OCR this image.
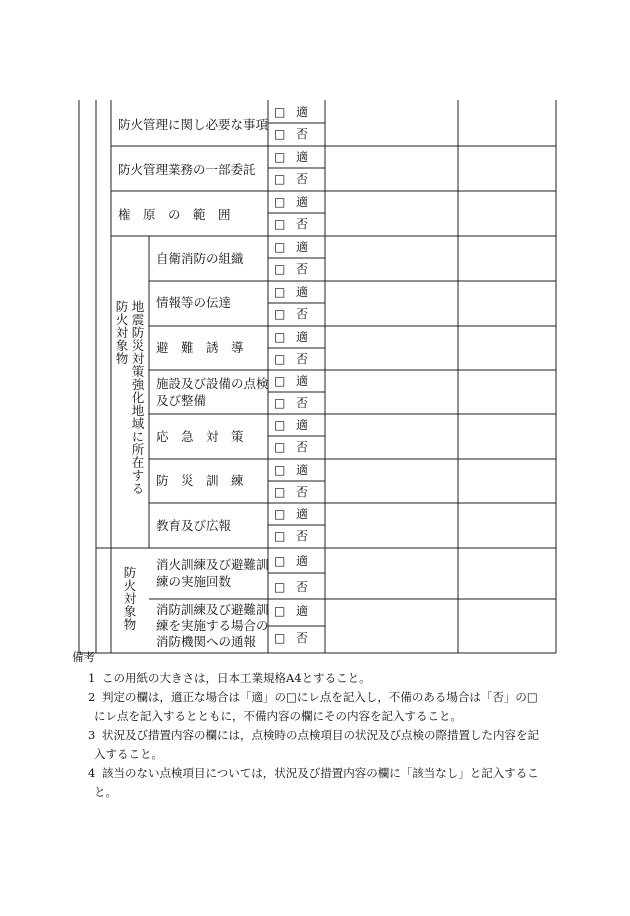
防火管理に関し必要な事項
防火管理業務の一部委託
権　原　の　範　囲
防火対象物 地震防災対策強化地域に所在する
自衛消防の組織
情報等の伝達
避　難　誘　導
施設及び設備の点検
及び整備
応　急　対　策
防　災　訓　練
教育及び広報
防火対象物
消火訓練及び避難訓
練の実施回数
消防訓練及び避難訓
練を実施する場合の
消防機関への通報
□ 適
□ 否
□ 適
□ 否
□ 適
□ 否
□ 適
□ 否
□ 適
□ 否
□ 適
□ 否
□ 適
□ 否
□ 適
□ 否
□ 適
□ 否
□ 適
□ 否
□ 適
□ 否
□ 適
□ 否
備考
1 この用紙の大きさは，日本工業規格A4とすること。
2 判定の欄は，適正な場合は「適」の□にレ点を記入し，不備のある場合は「否」の□
にレ点を記入するとともに，不備内容の欄にその内容を記入すること。
3 状況及び措置内容の欄には，点検時の点検項目の状況及び点検の際措置した内容を記
入すること。
4 該当のない点検項目については，状況及び措置内容の欄に「該当なし」と記入するこ
と。
